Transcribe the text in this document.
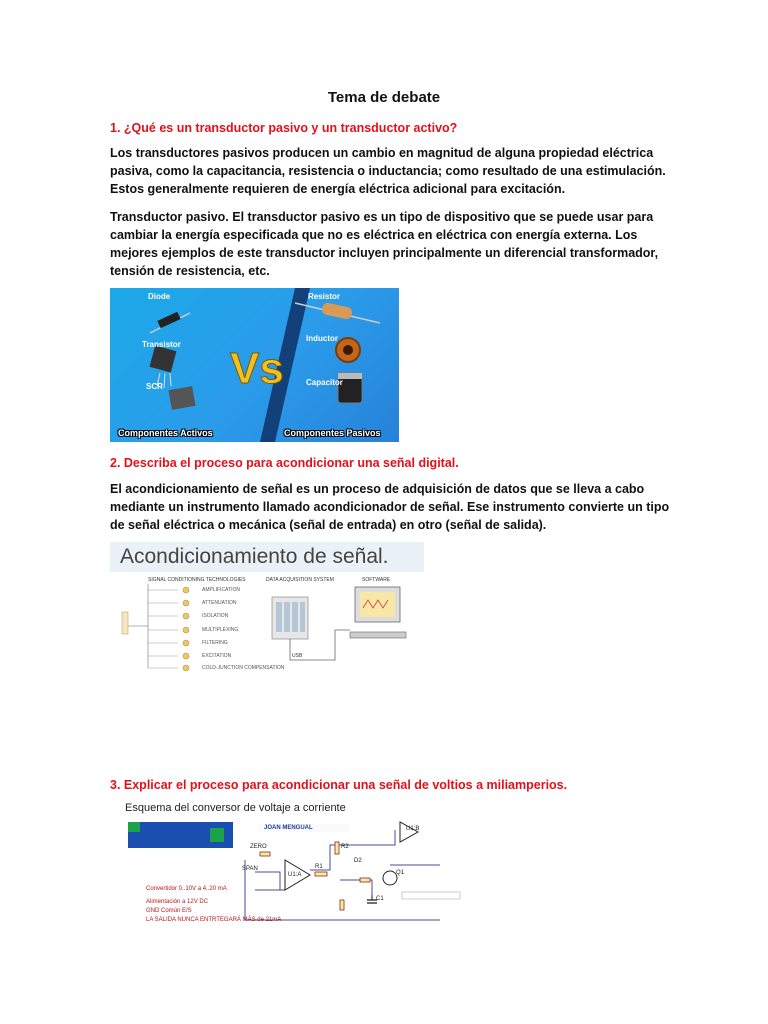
Tema de debate
1. ¿Qué es un transductor pasivo y un transductor activo?
Los transductores pasivos producen un cambio en magnitud de alguna propiedad eléctrica pasiva, como la capacitancia, resistencia o inductancia; como resultado de una estimulación. Estos generalmente requieren de energía eléctrica adicional para excitación.
Transductor pasivo. El transductor pasivo es un tipo de dispositivo que se puede usar para cambiar la energía especificada que no es eléctrica en eléctrica con energía externa. Los mejores ejemplos de este transductor incluyen principalmente un diferencial transformador, tensión de resistencia, etc.
Vs
Diode
Transistor
SCR
Resistor
Inductor
Capacitor
Componentes Activos	Componentes Pasivos
2. Describa el proceso para acondicionar una señal digital.
El acondicionamiento de señal es un proceso de adquisición de datos que se lleva a cabo mediante un instrumento llamado acondicionador de señal. Ese instrumento convierte un tipo de señal eléctrica o mecánica (señal de entrada) en otro (señal de salida).
Acondicionamiento de señal.
SIGNAL CONDITIONING TECHNOLOGIES	DATA ACQUISITION SYSTEM	SOFTWARE
AMPLIFICATION
ATTENUATION
ISOLATION
MULTIPLEXING
FILTERING
EXCITATION
COLD-JUNCTION COMPENSATION
USB
3. Explicar el proceso para acondicionar una señal de voltios a miliamperios.
Esquema del conversor de voltaje a corriente
JOAN MENGUAL
ZERO
SPAN
U1:A
U1:B
R1
R2
D2
C1
Q1
Convertidor 0..10V a 4..20 mA
Alimentación a 12V DC
GND Común E/S
LA SALIDA NUNCA ENTRTEGARÁ MÁS de 21mA
